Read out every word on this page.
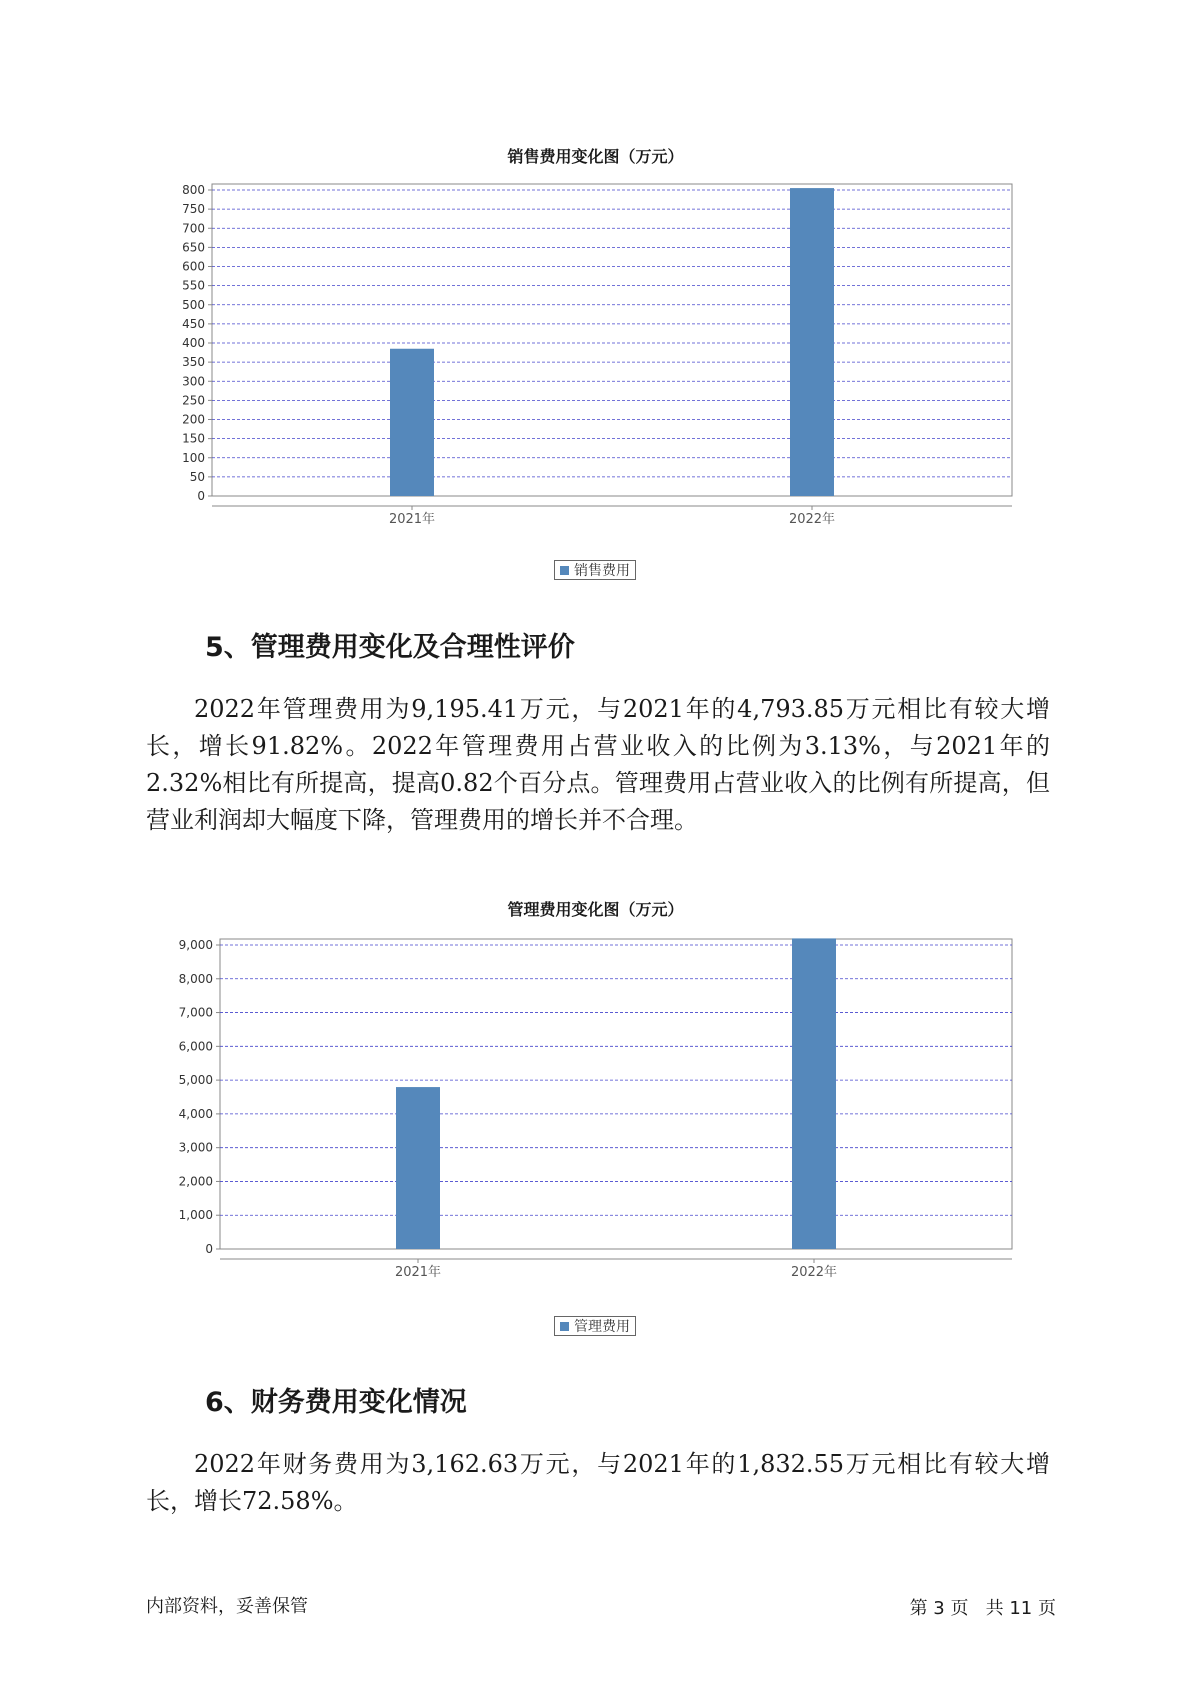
销售费用变化图（万元）
0
50
100
150
200
250
300
350
400
450
500
550
600
650
700
750
800
2021年	2022年
销售费用
5、管理费用变化及合理性评价

2022年管理费用为9,195.41万元，与2021年的4,793.85万元相比有较大增长，增长91.82%。2022年管理费用占营业收入的比例为3.13%，与2021年的2.32%相比有所提高，提高0.82个百分点。管理费用占营业收入的比例有所提高，但营业利润却大幅度下降，管理费用的增长并不合理。

管理费用变化图（万元）
0
1,000
2,000
3,000
4,000
5,000
6,000
7,000
8,000
9,000
2021年	2022年
管理费用
6、财务费用变化情况

2022年财务费用为3,162.63万元，与2021年的1,832.55万元相比有较大增长，增长72.58%。

内部资料，妥善保管	第 3 页   共 11 页
